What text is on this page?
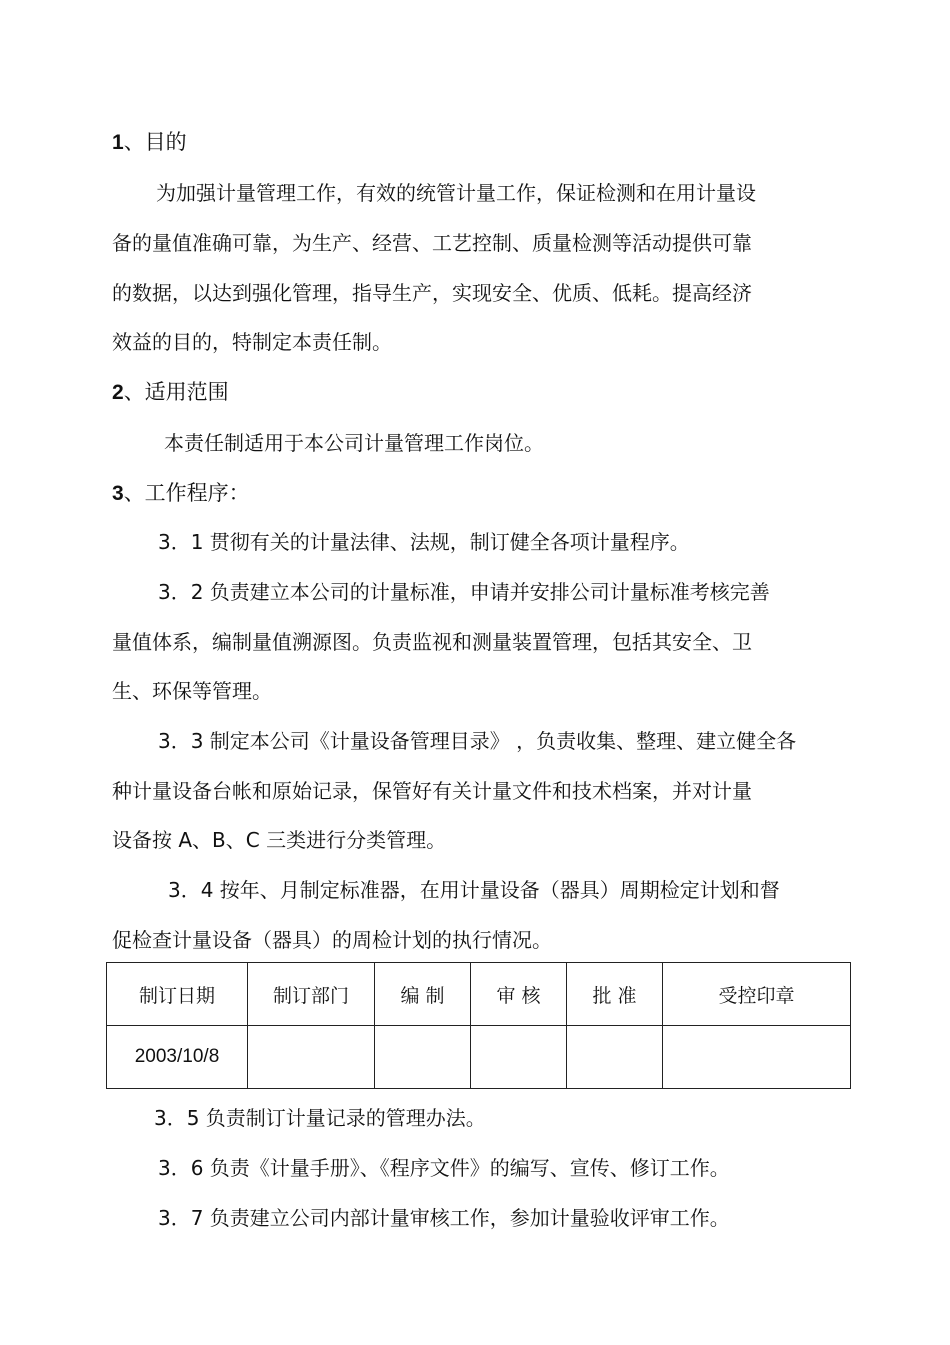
1、目的
为加强计量管理工作，有效的统管计量工作，保证检测和在用计量设
备的量值准确可靠，为生产、经营、工艺控制、质量检测等活动提供可靠
的数据，以达到强化管理，指导生产，实现安全、优质、低耗。提高经济
效益的目的，特制定本责任制。
2、适用范围
本责任制适用于本公司计量管理工作岗位。
3、工作程序：
3．1 贯彻有关的计量法律、法规，制订健全各项计量程序。
3．2 负责建立本公司的计量标准，申请并安排公司计量标准考核完善
量值体系，编制量值溯源图。负责监视和测量装置管理，包括其安全、卫
生、环保等管理。
3．3 制定本公司《计量设备管理目录》 ，负责收集、整理、建立健全各
种计量设备台帐和原始记录，保管好有关计量文件和技术档案，并对计量
设备按 A、B、C 三类进行分类管理。
3．4 按年、月制定标准器，在用计量设备（器具）周期检定计划和督
促检查计量设备（器具）的周检计划的执行情况。
制订日期	制订部门	编 制	审 核	批 准	受控印章
2003/10/8					
3．5 负责制订计量记录的管理办法。
3．6 负责《计量手册》、《程序文件》的编写、宣传、修订工作。
3．7 负责建立公司内部计量审核工作，参加计量验收评审工作。
